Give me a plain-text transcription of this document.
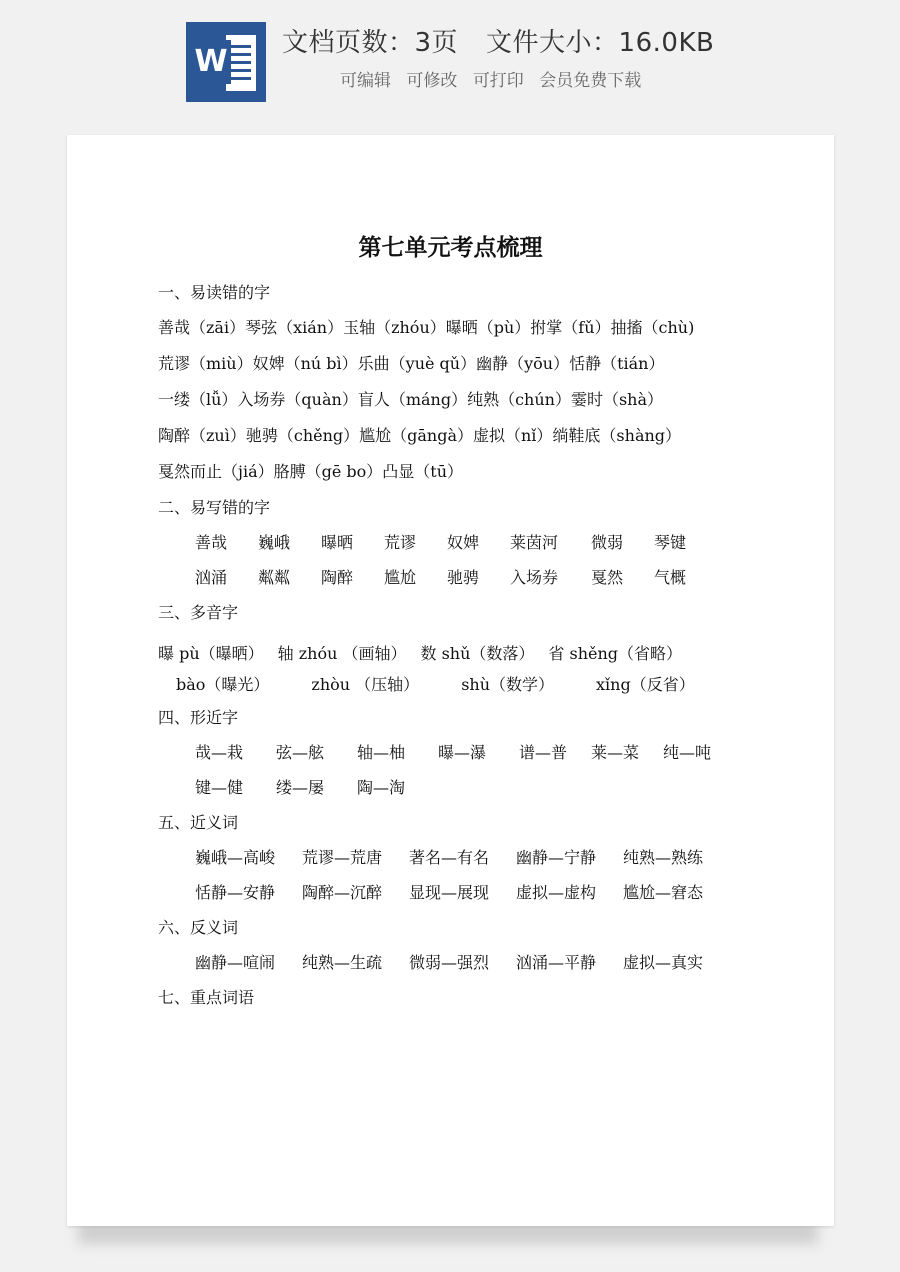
W
文档页数：3页 文件大小：16.0KB
可编辑 可修改 可打印 会员免费下载
第七单元考点梳理
一、易读错的字
善哉（zāi）琴弦（xián）玉轴（zhóu）曝晒（pù）拊掌（fǔ）抽搐（chù)
荒谬（miù）奴婢（nú bì）乐曲（yuè qǔ）幽静（yōu）恬静（tián）
一缕（lǚ）入场券（quàn）盲人（máng）纯熟（chún）霎时（shà）
陶醉（zuì）驰骋（chěng）尴尬（gāngà）虚拟（nǐ）绱鞋底（shàng）
戛然而止（jiá）胳膊（gē bo）凸显（tū）
二、易写错的字
善哉 巍峨 曝晒 荒谬 奴婢 莱茵河 微弱 琴键
汹涌 粼粼 陶醉 尴尬 驰骋 入场券 戛然 气概
三、多音字
曝 pù（曝晒） 轴 zhóu （画轴） 数 shǔ（数落） 省 shěng（省略）
bào（曝光）	zhòu （压轴）	shù（数学）	xǐng（反省）
四、形近字
哉—栽 弦—舷 轴—柚 曝—瀑 谱—普 莱—菜 纯—吨
键—健 缕—屡 陶—淘
五、近义词
巍峨—高峻 荒谬—荒唐 著名—有名 幽静—宁静 纯熟—熟练
恬静—安静 陶醉—沉醉 显现—展现 虚拟—虚构 尴尬—窘态
六、反义词
幽静—喧闹 纯熟—生疏 微弱—强烈 汹涌—平静 虚拟—真实
七、重点词语
